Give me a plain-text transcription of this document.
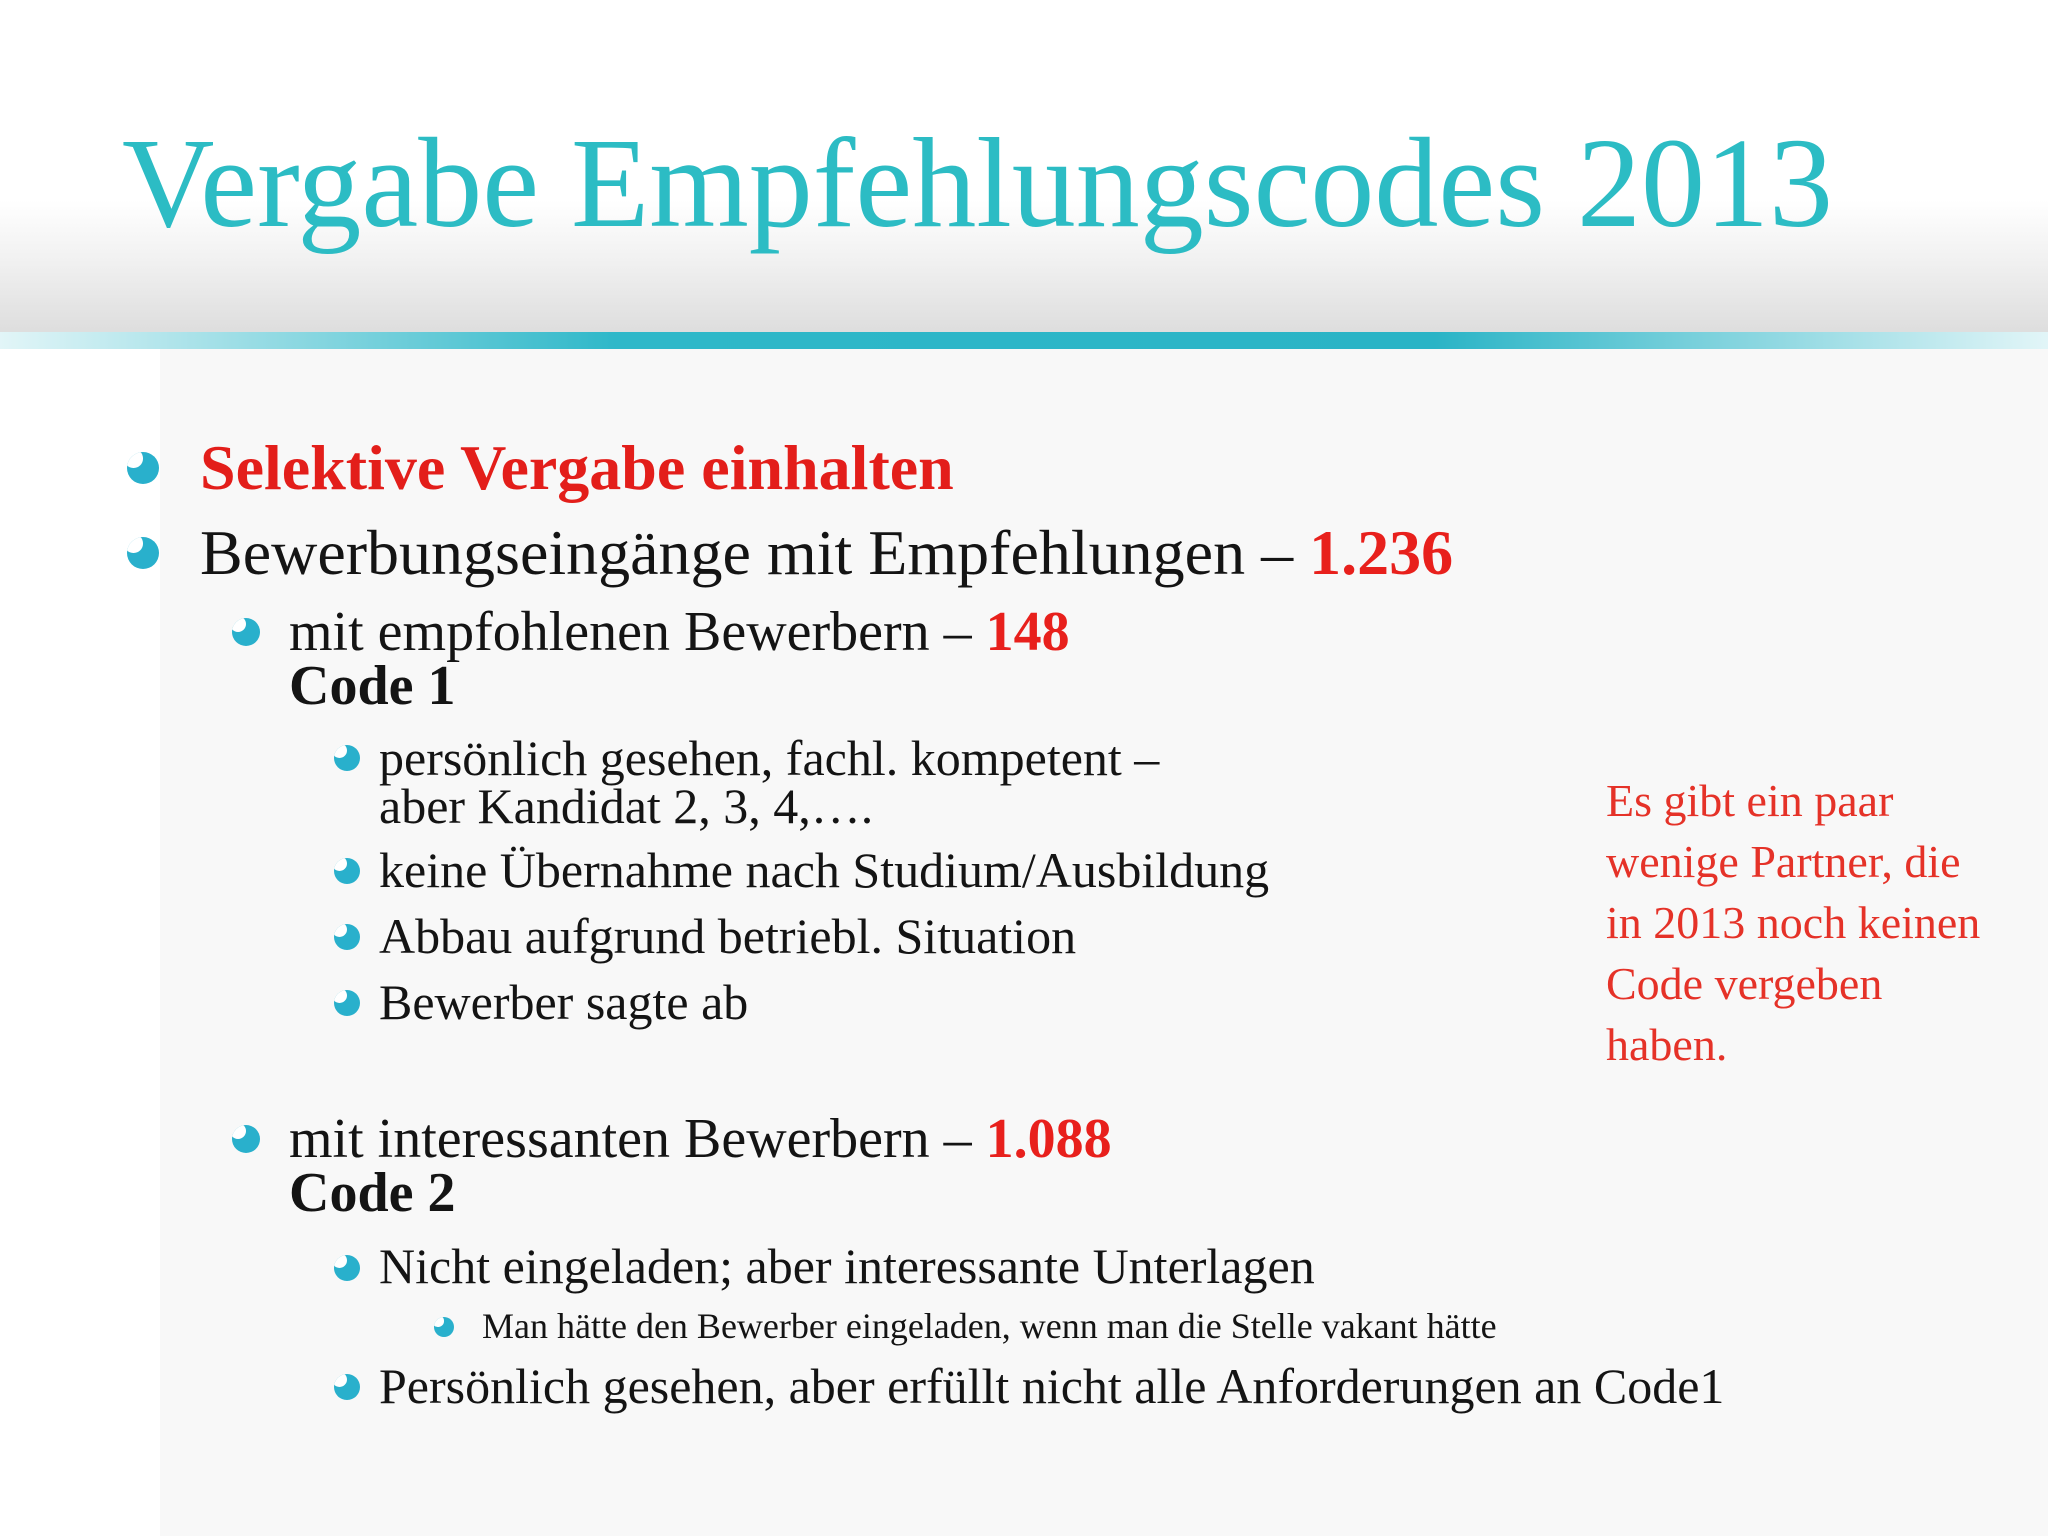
Vergabe Empfehlungscodes 2013
Selektive Vergabe einhalten
Bewerbungseingänge mit Empfehlungen – 1.236
mit empfohlenen Bewerbern – 148
Code 1
persönlich gesehen, fachl. kompetent –
aber Kandidat 2, 3, 4,….
keine Übernahme nach Studium/Ausbildung
Abbau aufgrund betriebl. Situation
Bewerber sagte ab
mit interessanten Bewerbern – 1.088
Code 2
Nicht eingeladen; aber interessante Unterlagen
Man hätte den Bewerber eingeladen, wenn man die Stelle vakant hätte
Persönlich gesehen, aber erfüllt nicht alle Anforderungen an Code1
Es gibt ein paar wenige Partner, die in 2013 noch keinen Code vergeben haben.
